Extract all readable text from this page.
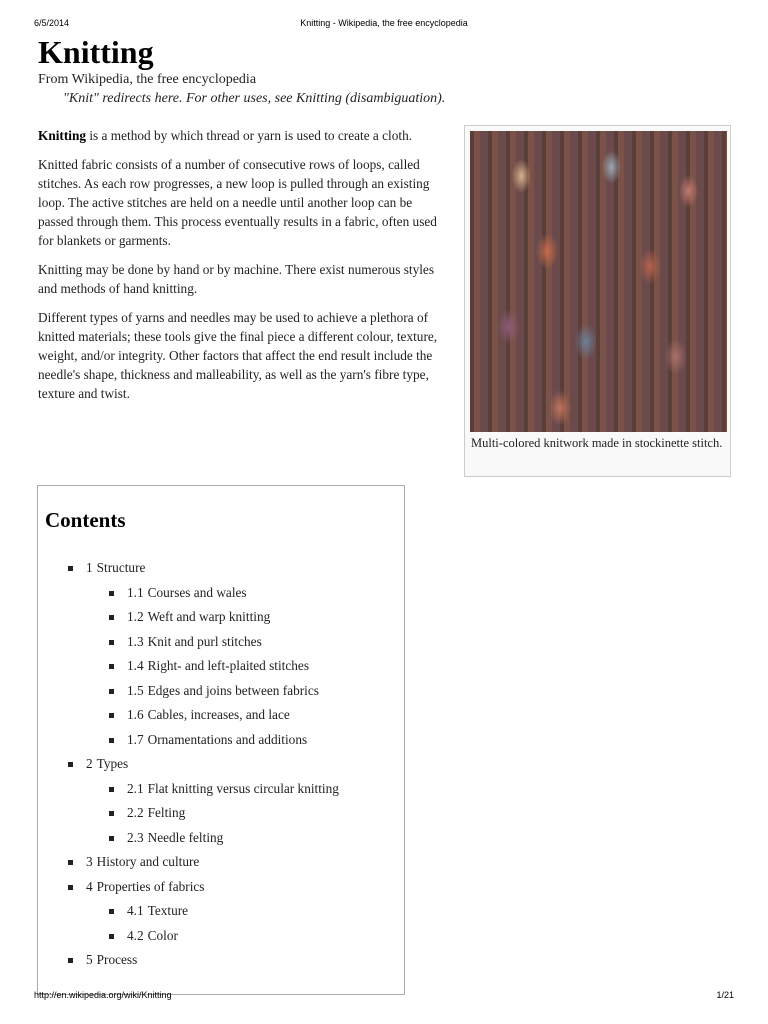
6/5/2014	Knitting - Wikipedia, the free encyclopedia
Knitting
From Wikipedia, the free encyclopedia
"Knit" redirects here. For other uses, see Knitting (disambiguation).

Knitting is a method by which thread or yarn is used to create a cloth.

Knitted fabric consists of a number of consecutive rows of loops, called stitches. As each row progresses, a new loop is pulled through an existing loop. The active stitches are held on a needle until another loop can be passed through them. This process eventually results in a fabric, often used for blankets or garments.

Knitting may be done by hand or by machine. There exist numerous styles and methods of hand knitting.

Different types of yarns and needles may be used to achieve a plethora of knitted materials; these tools give the final piece a different colour, texture, weight, and/or integrity. Other factors that affect the end result include the needle's shape, thickness and malleability, as well as the yarn's fibre type, texture and twist.

Multi-colored knitwork made in stockinette stitch.
Contents
1 Structure
1.1 Courses and wales
1.2 Weft and warp knitting
1.3 Knit and purl stitches
1.4 Right- and left-plaited stitches
1.5 Edges and joins between fabrics
1.6 Cables, increases, and lace
1.7 Ornamentations and additions
2 Types
2.1 Flat knitting versus circular knitting
2.2 Felting
2.3 Needle felting
3 History and culture
4 Properties of fabrics
4.1 Texture
4.2 Color
5 Process
http://en.wikipedia.org/wiki/Knitting	1/21
